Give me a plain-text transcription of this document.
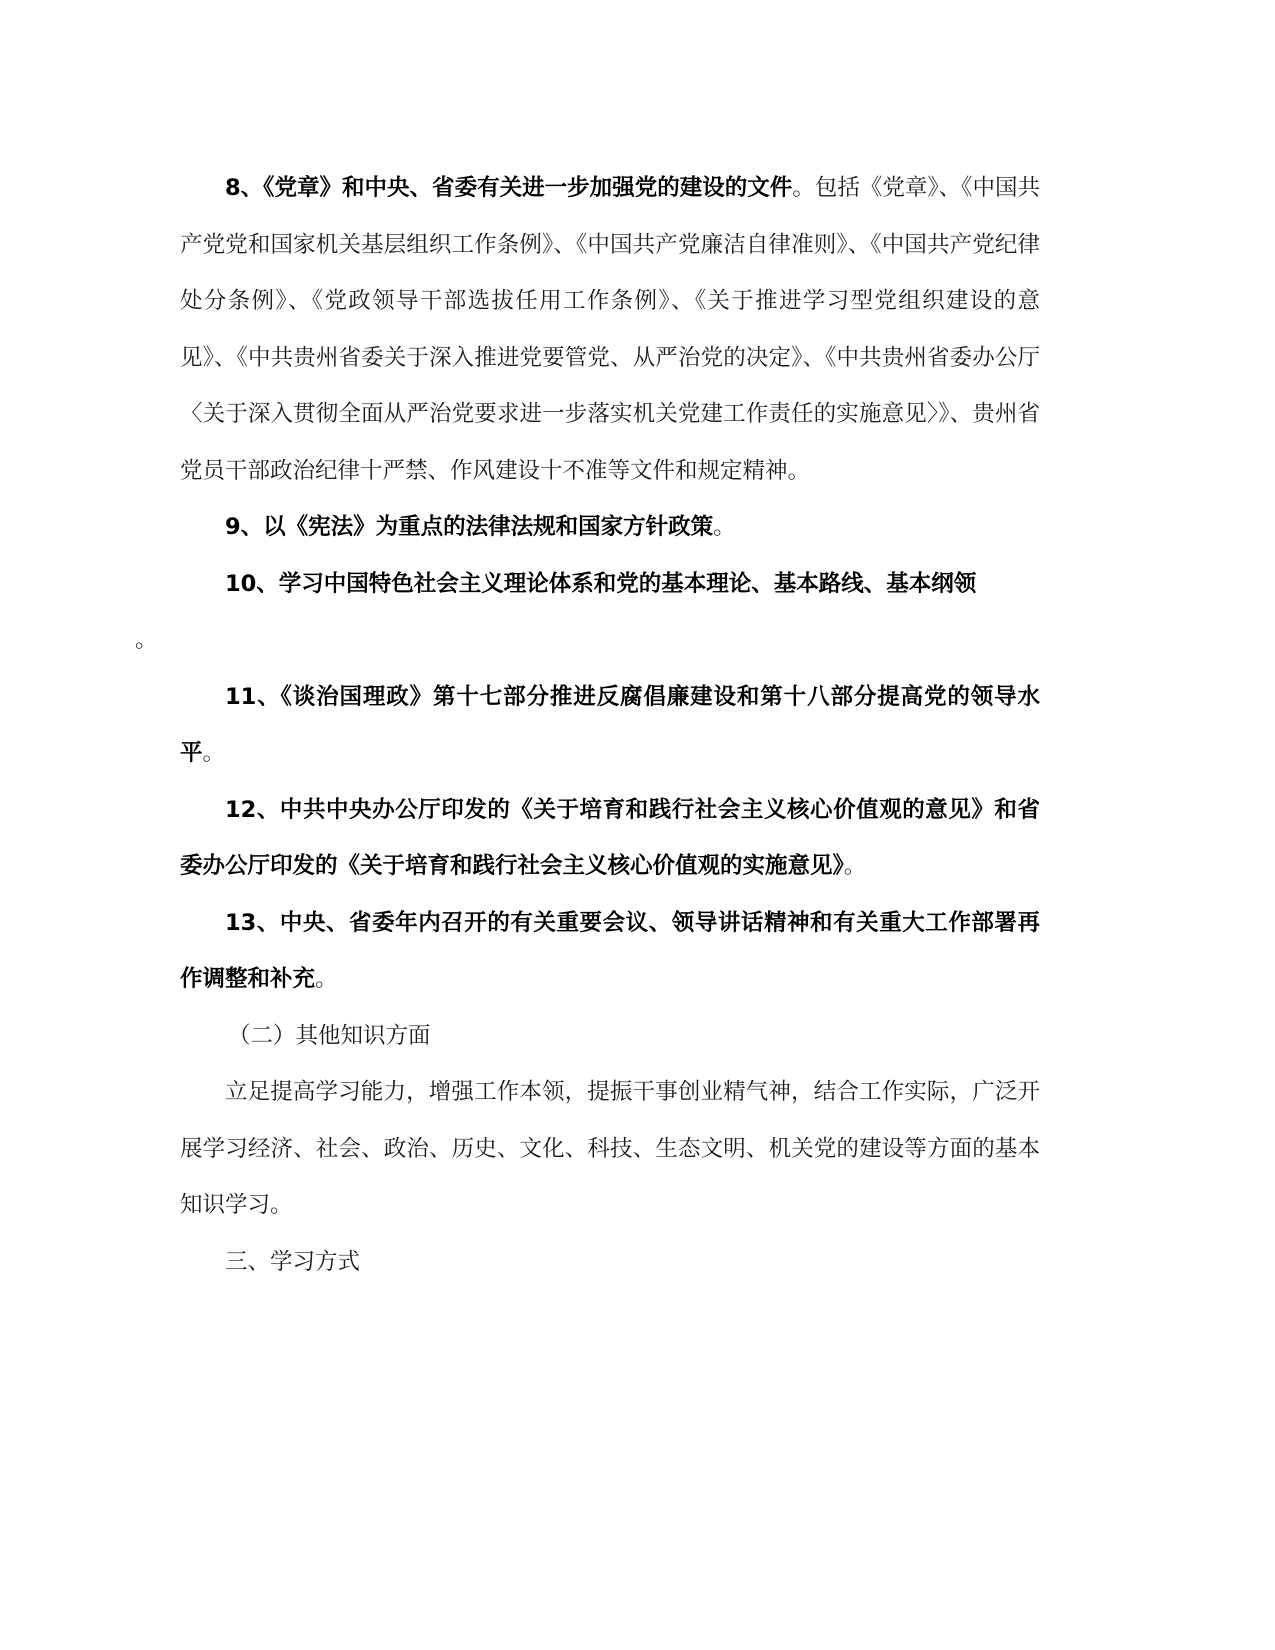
8、《党章》和中央、省委有关进一步加强党的建设的文件。包括《党章》、《中国共产党党和国家机关基层组织工作条例》、《中国共产党廉洁自律准则》、《中国共产党纪律处分条例》、《党政领导干部选拔任用工作条例》、《关于推进学习型党组织建设的意见》、《中共贵州省委关于深入推进党要管党、从严治党的决定》、《中共贵州省委办公厅〈关于深入贯彻全面从严治党要求进一步落实机关党建工作责任的实施意见〉》、贵州省党员干部政治纪律十严禁、作风建设十不准等文件和规定精神。

9、以《宪法》为重点的法律法规和国家方针政策。

10、学习中国特色社会主义理论体系和党的基本理论、基本路线、基本纲领
。

11、《谈治国理政》第十七部分推进反腐倡廉建设和第十八部分提高党的领导水平。

12、中共中央办公厅印发的《关于培育和践行社会主义核心价值观的意见》和省委办公厅印发的《关于培育和践行社会主义核心价值观的实施意见》。

13、中央、省委年内召开的有关重要会议、领导讲话精神和有关重大工作部署再作调整和补充。

（二）其他知识方面

立足提高学习能力，增强工作本领，提振干事创业精气神，结合工作实际，广泛开展学习经济、社会、政治、历史、文化、科技、生态文明、机关党的建设等方面的基本知识学习。

三、学习方式
